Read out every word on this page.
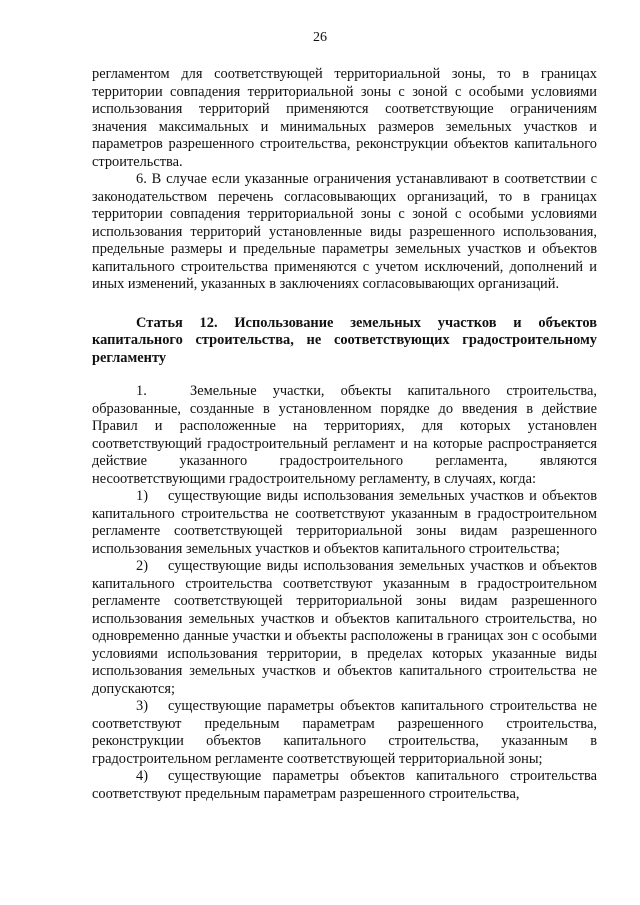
26

регламентом для соответствующей территориальной зоны, то в границах территории совпадения территориальной зоны с зоной с особыми условиями использования территорий применяются соответствующие ограничениям значения максимальных и минимальных размеров земельных участков и параметров разрешенного строительства, реконструкции объектов капитального строительства.

6. В случае если указанные ограничения устанавливают в соответствии с законодательством перечень согласовывающих организаций, то в границах территории совпадения территориальной зоны с зоной с особыми условиями использования территорий установленные виды разрешенного использования, предельные размеры и предельные параметры земельных участков и объектов капитального строительства применяются с учетом исключений, дополнений и иных изменений, указанных в заключениях согласовывающих организаций.

Статья 12. Использование земельных участков и объектов капитального строительства, не соответствующих градостроительному регламенту

1.	Земельные участки, объекты капитального строительства, образованные, созданные в установленном порядке до введения в действие Правил и расположенные на территориях, для которых установлен соответствующий градостроительный регламент и на которые распространяется действие указанного градостроительного регламента, являются несоответствующими градостроительному регламенту, в случаях, когда:

1) существующие виды использования земельных участков и объектов капитального строительства не соответствуют указанным в градостроительном регламенте соответствующей территориальной зоны видам разрешенного использования земельных участков и объектов капитального строительства;

2) существующие виды использования земельных участков и объектов капитального строительства соответствуют указанным в градостроительном регламенте соответствующей территориальной зоны видам разрешенного использования земельных участков и объектов капитального строительства, но одновременно данные участки и объекты расположены в границах зон с особыми условиями использования территории, в пределах которых указанные виды использования земельных участков и объектов капитального строительства не допускаются;

3) существующие параметры объектов капитального строительства не соответствуют предельным параметрам разрешенного строительства, реконструкции объектов капитального строительства, указанным в градостроительном регламенте соответствующей территориальной зоны;

4) существующие параметры объектов капитального строительства соответствуют предельным параметрам разрешенного строительства,
